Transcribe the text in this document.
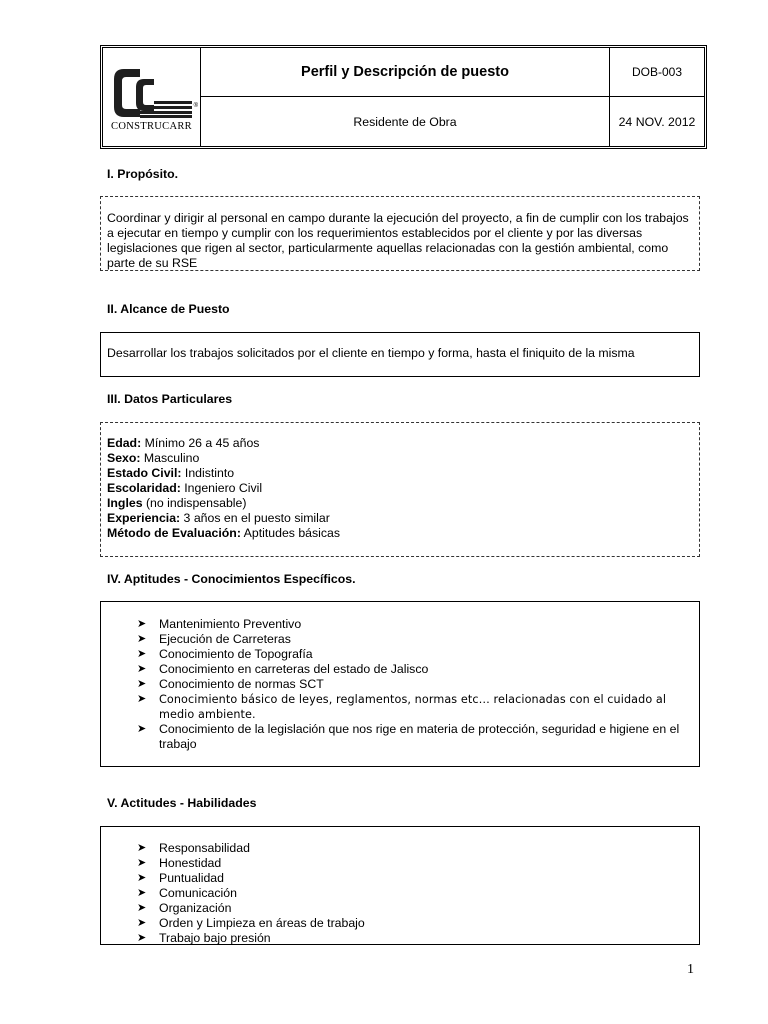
CONSTRUCARR
®
Perfil y Descripción de puesto	DOB-003
Residente de Obra	24 NOV. 2012
I. Propósito.
Coordinar y dirigir al personal en campo durante la ejecución del proyecto, a fin de cumplir con los trabajos a ejecutar en tiempo y cumplir con los requerimientos establecidos por el cliente y por las diversas legislaciones que rigen al sector, particularmente aquellas relacionadas con la gestión ambiental, como parte de su RSE
II. Alcance de Puesto
Desarrollar los trabajos solicitados por el cliente en tiempo y forma, hasta el finiquito de la misma
III. Datos Particulares
Edad: Mínimo 26 a 45 años
Sexo: Masculino
Estado Civil: Indistinto
Escolaridad: Ingeniero Civil
Ingles (no indispensable)
Experiencia: 3 años en el puesto similar
Método de Evaluación: Aptitudes básicas
IV. Aptitudes - Conocimientos Específicos.
➤ Mantenimiento Preventivo
➤ Ejecución de Carreteras
➤ Conocimiento de Topografía
➤ Conocimiento en carreteras del estado de Jalisco
➤ Conocimiento de normas SCT
➤ Conocimiento básico de leyes, reglamentos, normas etc… relacionadas con el cuidado al medio ambiente.
➤ Conocimiento de la legislación que nos rige en materia de protección, seguridad e higiene en el trabajo
V. Actitudes - Habilidades
➤ Responsabilidad
➤ Honestidad
➤ Puntualidad
➤ Comunicación
➤ Organización
➤ Orden y Limpieza en áreas de trabajo
➤ Trabajo bajo presión
1
